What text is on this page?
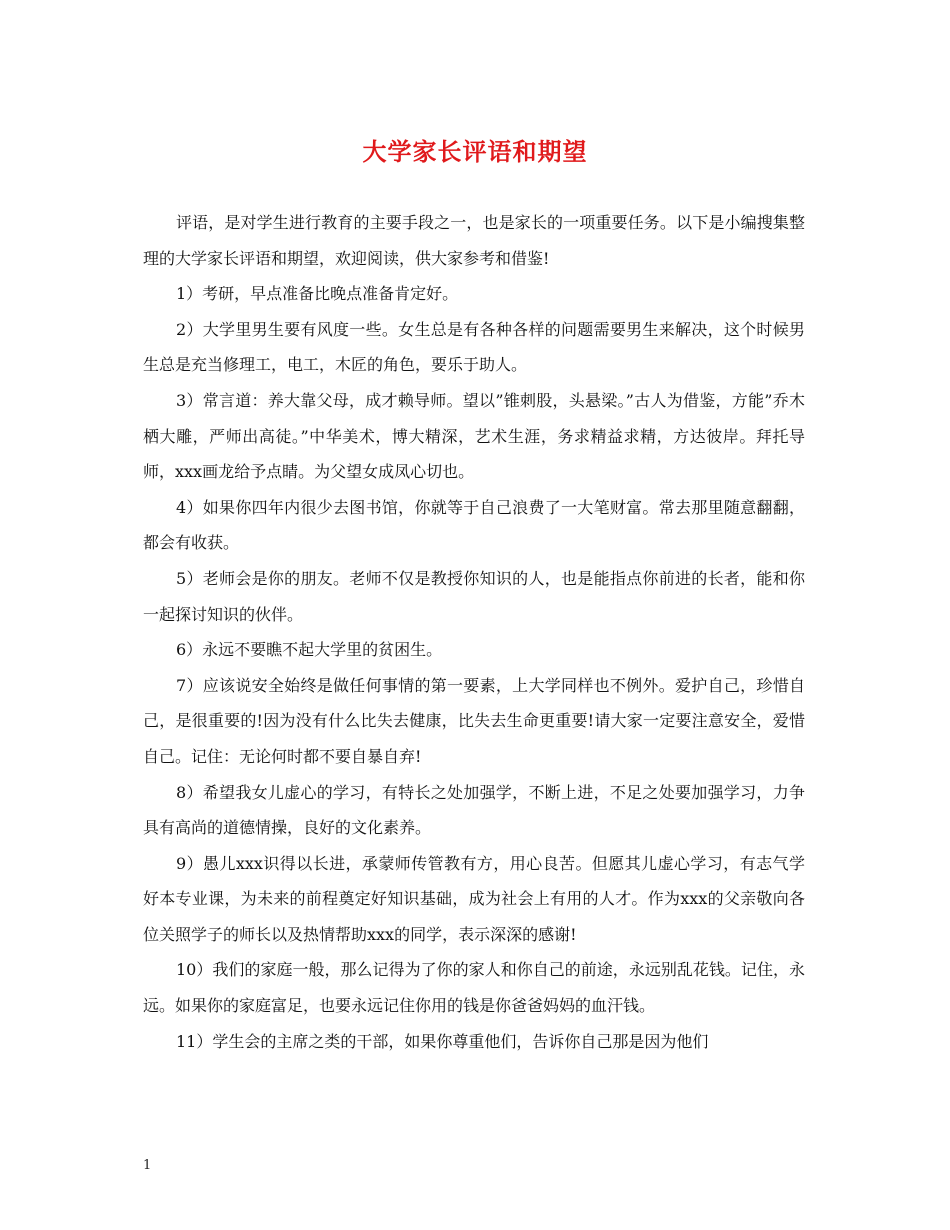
大学家长评语和期望

评语，是对学生进行教育的主要手段之一，也是家长的一项重要任务。以下是小编搜集整理的大学家长评语和期望，欢迎阅读，供大家参考和借鉴!

1）考研，早点准备比晚点准备肯定好。

2）大学里男生要有风度一些。女生总是有各种各样的问题需要男生来解决，这个时候男生总是充当修理工，电工，木匠的角色，要乐于助人。

3）常言道：养大靠父母，成才赖导师。望以”锥刺股，头悬梁。”古人为借鉴，方能”乔木栖大雕，严师出高徒。”中华美术，博大精深，艺术生涯，务求精益求精，方达彼岸。拜托导师，xxx画龙给予点睛。为父望女成凤心切也。

4）如果你四年内很少去图书馆，你就等于自己浪费了一大笔财富。常去那里随意翻翻，都会有收获。

5）老师会是你的朋友。老师不仅是教授你知识的人，也是能指点你前进的长者，能和你一起探讨知识的伙伴。

6）永远不要瞧不起大学里的贫困生。

7）应该说安全始终是做任何事情的第一要素，上大学同样也不例外。爱护自己，珍惜自己，是很重要的!因为没有什么比失去健康，比失去生命更重要!请大家一定要注意安全，爱惜自己。记住：无论何时都不要自暴自弃!

8）希望我女儿虚心的学习，有特长之处加强学，不断上进，不足之处要加强学习，力争具有高尚的道德情操，良好的文化素养。

9）愚儿xxx识得以长进，承蒙师传管教有方，用心良苦。但愿其儿虚心学习，有志气学好本专业课，为未来的前程奠定好知识基础，成为社会上有用的人才。作为xxx的父亲敬向各位关照学子的师长以及热情帮助xxx的同学，表示深深的感谢!

10）我们的家庭一般，那么记得为了你的家人和你自己的前途，永远别乱花钱。记住，永远。如果你的家庭富足，也要永远记住你用的钱是你爸爸妈妈的血汗钱。

11）学生会的主席之类的干部，如果你尊重他们，告诉你自己那是因为他们

1
